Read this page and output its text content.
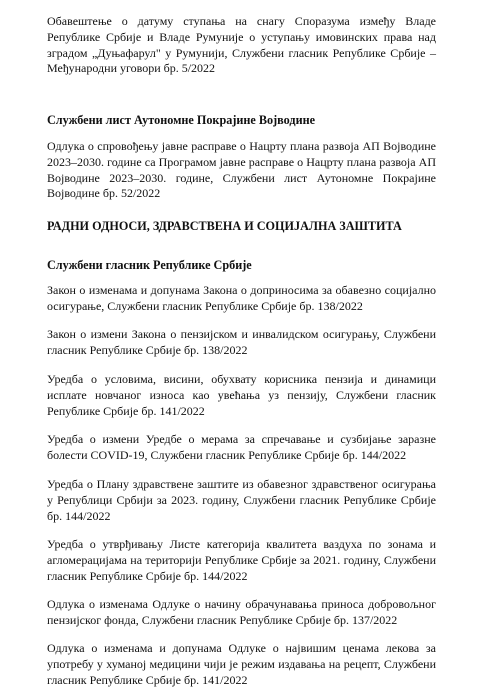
Обавештење о датуму ступања на снагу Споразума између Владе Републике Србије и Владе Румуније о уступању имовинских права над зградом „Дуњафарул" у Румунији, Службени гласник Републике Србије – Међународни уговори бр. 5/2022

Службени лист Аутономне Покрајине Војводине

Одлука о спровођењу јавне расправе о Нацрту плана развоја АП Војводине 2023–2030. године са Програмом јавне расправе о Нацрту плана развоја АП Војводине 2023–2030. године, Службени лист Аутономне Покрајине Војводине бр. 52/2022

РАДНИ ОДНОСИ, ЗДРАВСТВЕНА И СОЦИЈАЛНА ЗАШТИТА
Службени гласник Републике Србије

Закон о изменама и допунама Закона о доприносима за обавезно социјално осигурање, Службени гласник Републике Србије бр. 138/2022

Закон о измени Закона о пензијском и инвалидском осигурању, Службени гласник Републике Србије бр. 138/2022

Уредба о условима, висини, обухвату корисника пензија и динамици исплате новчаног износа као увећања уз пензију, Службени гласник Републике Србије бр. 141/2022

Уредба о измени Уредбе о мерама за спречавање и сузбијање заразне болести COVID-19, Службени гласник Републике Србије бр. 144/2022

Уредба о Плану здравствене заштите из обавезног здравственог осигурања у Републици Србији за 2023. годину, Службени гласник Републике Србије бр. 144/2022

Уредба о утврђивању Листе категорија квалитета ваздуха по зонама и агломерацијама на територији Републике Србије за 2021. годину, Службени гласник Републике Србије бр. 144/2022

Одлука о изменама Одлуке о начину обрачунавања приноса добровољног пензијског фонда, Службени гласник Републике Србије бр. 137/2022

Одлука о изменама и допунама Одлуке о највишим ценама лекова за употребу у хуманој медицини чији је режим издавања на рецепт, Службени гласник Републике Србије бр. 141/2022
